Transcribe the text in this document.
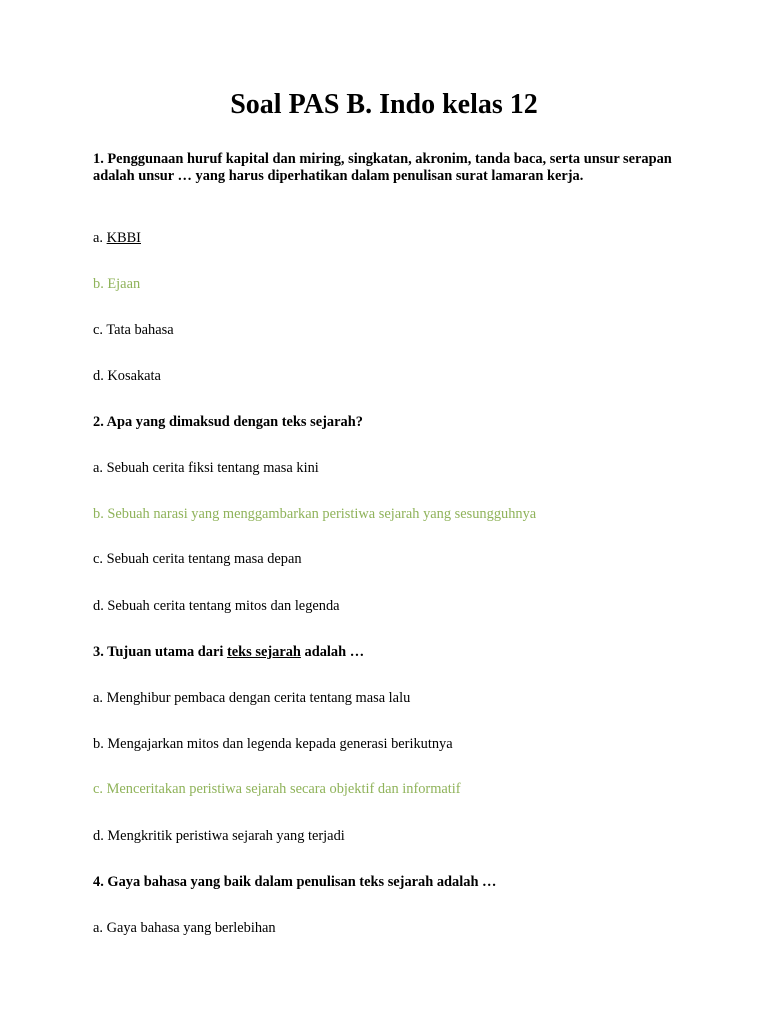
Soal PAS B. Indo kelas 12

1. Penggunaan huruf kapital dan miring, singkatan, akronim, tanda baca, serta unsur serapan adalah unsur … yang harus diperhatikan dalam penulisan surat lamaran kerja.

a. KBBI

b. Ejaan

c. Tata bahasa

d. Kosakata

2. Apa yang dimaksud dengan teks sejarah?

a. Sebuah cerita fiksi tentang masa kini

b. Sebuah narasi yang menggambarkan peristiwa sejarah yang sesungguhnya

c. Sebuah cerita tentang masa depan

d. Sebuah cerita tentang mitos dan legenda

3. Tujuan utama dari teks sejarah adalah …

a. Menghibur pembaca dengan cerita tentang masa lalu

b. Mengajarkan mitos dan legenda kepada generasi berikutnya

c. Menceritakan peristiwa sejarah secara objektif dan informatif

d. Mengkritik peristiwa sejarah yang terjadi

4. Gaya bahasa yang baik dalam penulisan teks sejarah adalah …

a. Gaya bahasa yang berlebihan
